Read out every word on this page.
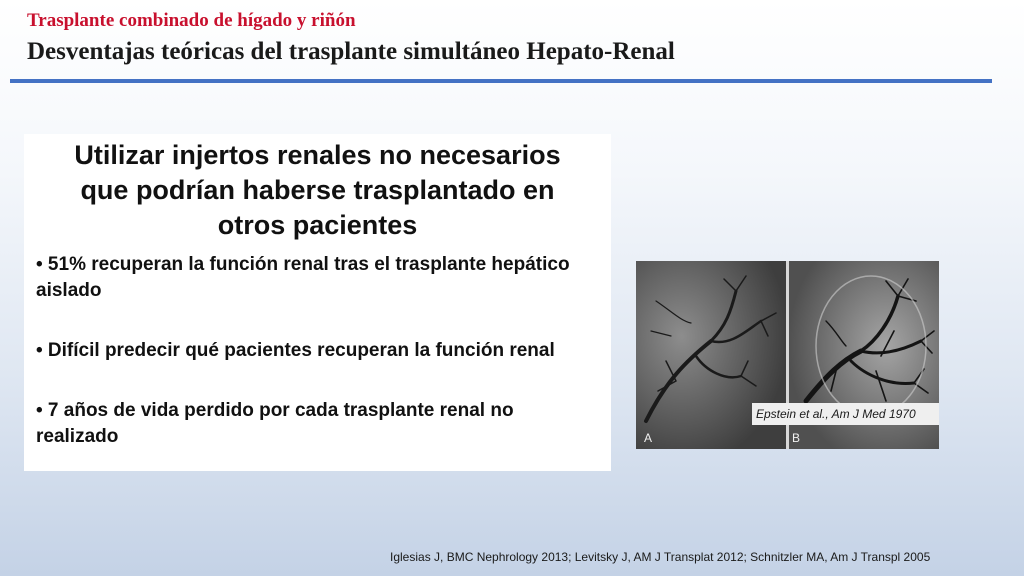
Trasplante combinado de hígado y riñón
Desventajas teóricas del trasplante simultáneo Hepato-Renal
Utilizar injertos renales no necesarios
que podrían haberse trasplantado en
otros pacientes
• 51% recuperan la función renal tras el trasplante hepático aislado
• Difícil predecir qué pacientes recuperan la función renal
• 7 años de vida perdido por cada trasplante renal no realizado	A	B
Epstein et al., Am J Med 1970
Iglesias J, BMC Nephrology 2013; Levitsky J, AM J Transplat 2012; Schnitzler MA, Am J Transpl 2005
